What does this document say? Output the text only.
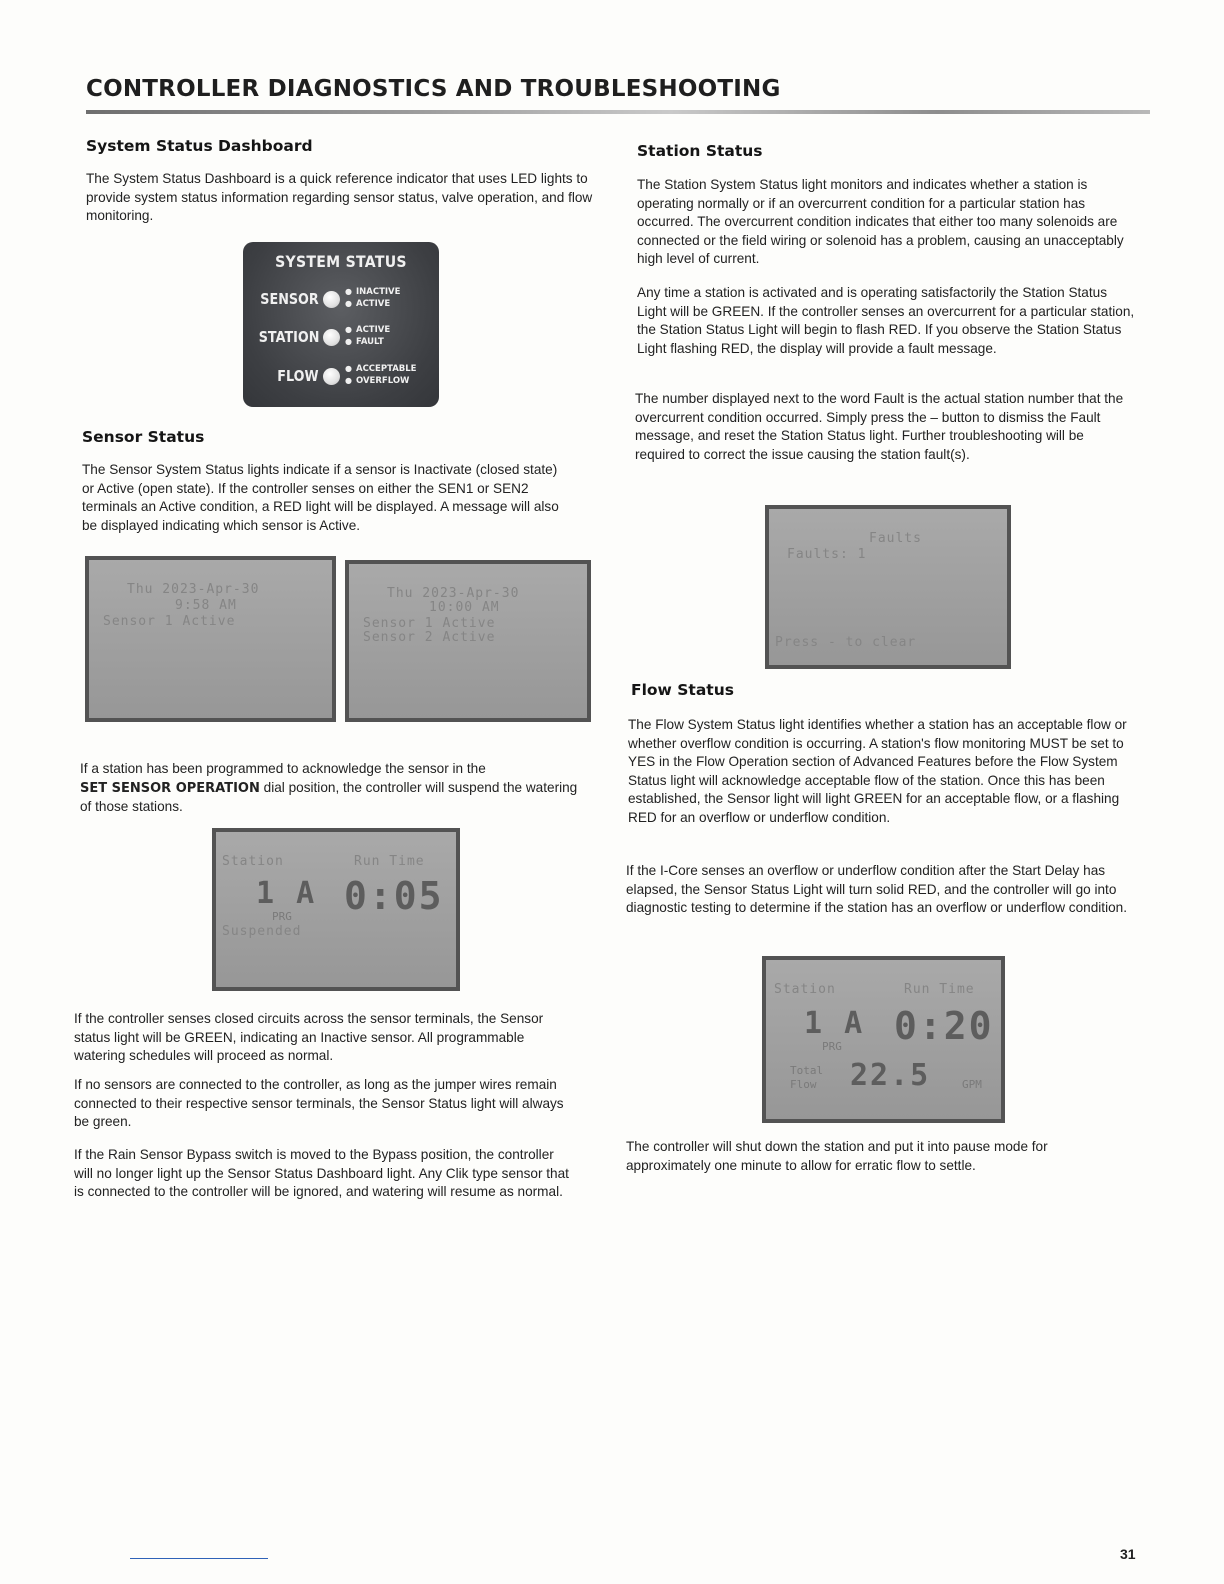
CONTROLLER DIAGNOSTICS AND TROUBLESHOOTING
System Status Dashboard

The System Status Dashboard is a quick reference indicator that uses LED lights to provide system status information regarding sensor status, valve operation, and flow monitoring.

SYSTEM STATUS
SENSOR	● INACTIVE
● ACTIVE
STATION	● ACTIVE
● FAULT
FLOW	● ACCEPTABLE
● OVERFLOW
Sensor Status

The Sensor System Status lights indicate if a sensor is Inactivate (closed state) or Active (open state). If the controller senses on either the SEN1 or SEN2 terminals an Active condition, a RED light will be displayed. A message will also be displayed indicating which sensor is Active.

Thu 2023-Apr-30
9:58 AM
Sensor 1 Active
Thu 2023-Apr-30
10:00 AM
Sensor 1 Active
Sensor 2 Active

If a station has been programmed to acknowledge the sensor in the
SET SENSOR OPERATION dial position, the controller will suspend the watering of those stations.

Station	Run Time
1 A
PRG 0:05
Suspended

If the controller senses closed circuits across the sensor terminals, the Sensor status light will be GREEN, indicating an Inactive sensor. All programmable watering schedules will proceed as normal.

If no sensors are connected to the controller, as long as the jumper wires remain connected to their respective sensor terminals, the Sensor Status light will always be green.

If the Rain Sensor Bypass switch is moved to the Bypass position, the controller will no longer light up the Sensor Status Dashboard light. Any Clik type sensor that is connected to the controller will be ignored, and watering will resume as normal.

Station Status

The Station System Status light monitors and indicates whether a station is operating normally or if an overcurrent condition for a particular station has occurred. The overcurrent condition indicates that either too many solenoids are connected or the field wiring or solenoid has a problem, causing an unacceptably high level of current.

Any time a station is activated and is operating satisfactorily the Station Status Light will be GREEN. If the controller senses an overcurrent for a particular station, the Station Status Light will begin to flash RED. If you observe the Station Status Light flashing RED, the display will provide a fault message.

The number displayed next to the word Fault is the actual station number that the overcurrent condition occurred. Simply press the – button to dismiss the Fault message, and reset the Station Status light. Further troubleshooting will be required to correct the issue causing the station fault(s).

Faults
Faults: 1
Press - to clear
Flow Status

The Flow System Status light identifies whether a station has an acceptable flow or whether overflow condition is occurring. A station's flow monitoring MUST be set to YES in the Flow Operation section of Advanced Features before the Flow System Status light will acknowledge acceptable flow of the station. Once this has been established, the Sensor light will light GREEN for an acceptable flow, or a flashing RED for an overflow or underflow condition.

If the I-Core senses an overflow or underflow condition after the Start Delay has elapsed, the Sensor Status Light will turn solid RED, and the controller will go into diagnostic testing to determine if the station has an overflow or underflow condition.

Station	Run Time
1 A
PRG 0:20
Total
Flow 22.5	GPM

The controller will shut down the station and put it into pause mode for approximately one minute to allow for erratic flow to settle.

31
